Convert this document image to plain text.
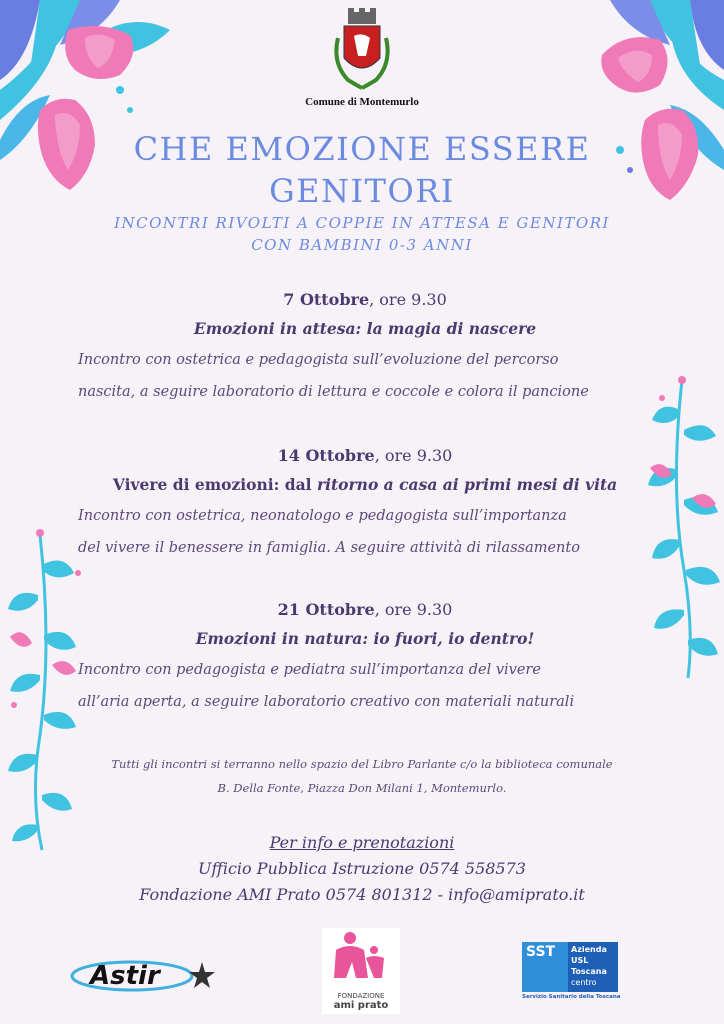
Comune di Montemurlo
CHE EMOZIONE ESSERE
GENITORI
INCONTRI RIVOLTI A COPPIE IN ATTESA E GENITORI
CON BAMBINI 0-3 ANNI
7 Ottobre, ore 9.30
Emozioni in attesa: la magia di nascere
Incontro con ostetrica e pedagogista sull’evoluzione del percorso
nascita, a seguire laboratorio di lettura e coccole e colora il pancione
14 Ottobre, ore 9.30
Vivere di emozioni: dal ritorno a casa ai primi mesi di vita
Incontro con ostetrica, neonatologo e pedagogista sull’importanza
del vivere il benessere in famiglia. A seguire attività di rilassamento
21 Ottobre, ore 9.30
Emozioni in natura: io fuori, io dentro!
Incontro con pedagogista e pediatra sull’importanza del vivere
all’aria aperta, a seguire laboratorio creativo con materiali naturali
Tutti gli incontri si terranno nello spazio del Libro Parlante c/o la biblioteca comunale
B. Della Fonte, Piazza Don Milani 1, Montemurlo.
Per info e prenotazioni
Ufficio Pubblica Istruzione 0574 558573
Fondazione AMI Prato 0574 801312 - info@amiprato.it
Astir
FONDAZIONE
ami prato
SST	Azienda
USL
Toscana
centro
Servizio Sanitario della Toscana
